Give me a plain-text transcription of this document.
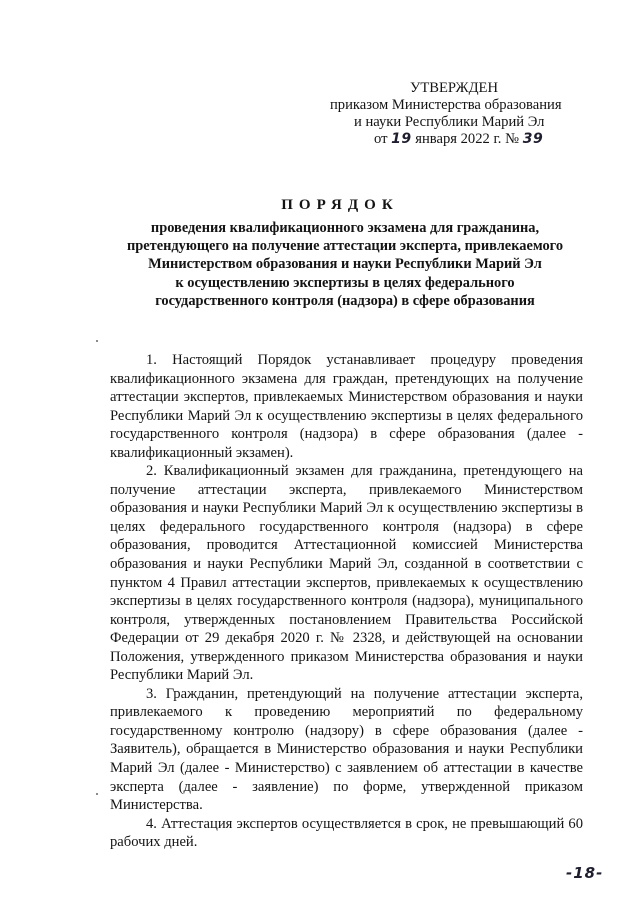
УТВЕРЖДЕН
приказом Министерства образования
и науки Республики Марий Эл
от 19 января 2022 г. № 39
ПОРЯДОК
проведения квалификационного экзамена для гражданина,
претендующего на получение аттестации эксперта, привлекаемого
Министерством образования и науки Республики Марий Эл
к осуществлению экспертизы в целях федерального
государственного контроля (надзора) в сфере образования

1. Настоящий Порядок устанавливает процедуру проведения квалификационного экзамена для граждан, претендующих на получение аттестации экспертов, привлекаемых Министерством образования и науки Республики Марий Эл к осуществлению экспертизы в целях федерального государственного контроля (надзора) в сфере образования (далее - квалификационный экзамен).

2. Квалификационный экзамен для гражданина, претендующего на получение аттестации эксперта, привлекаемого Министерством образования и науки Республики Марий Эл к осуществлению экспертизы в целях федерального государственного контроля (надзора) в сфере образования, проводится Аттестационной комиссией Министерства образования и науки Республики Марий Эл, созданной в соответствии с пунктом 4 Правил аттестации экспертов, привлекаемых к осуществлению экспертизы в целях государственного контроля (надзора), муниципального контроля, утвержденных постановлением Правительства Российской Федерации от 29 декабря 2020 г. № 2328, и действующей на основании Положения, утвержденного приказом Министерства образования и науки Республики Марий Эл.

3. Гражданин, претендующий на получение аттестации эксперта, привлекаемого к проведению мероприятий по федеральному государственному контролю (надзору) в сфере образования (далее - Заявитель), обращается в Министерство образования и науки Республики Марий Эл (далее - Министерство) с заявлением об аттестации в качестве эксперта (далее - заявление) по форме, утвержденной приказом Министерства.

4. Аттестация экспертов осуществляется в срок, не превышающий 60 рабочих дней.

-18-
